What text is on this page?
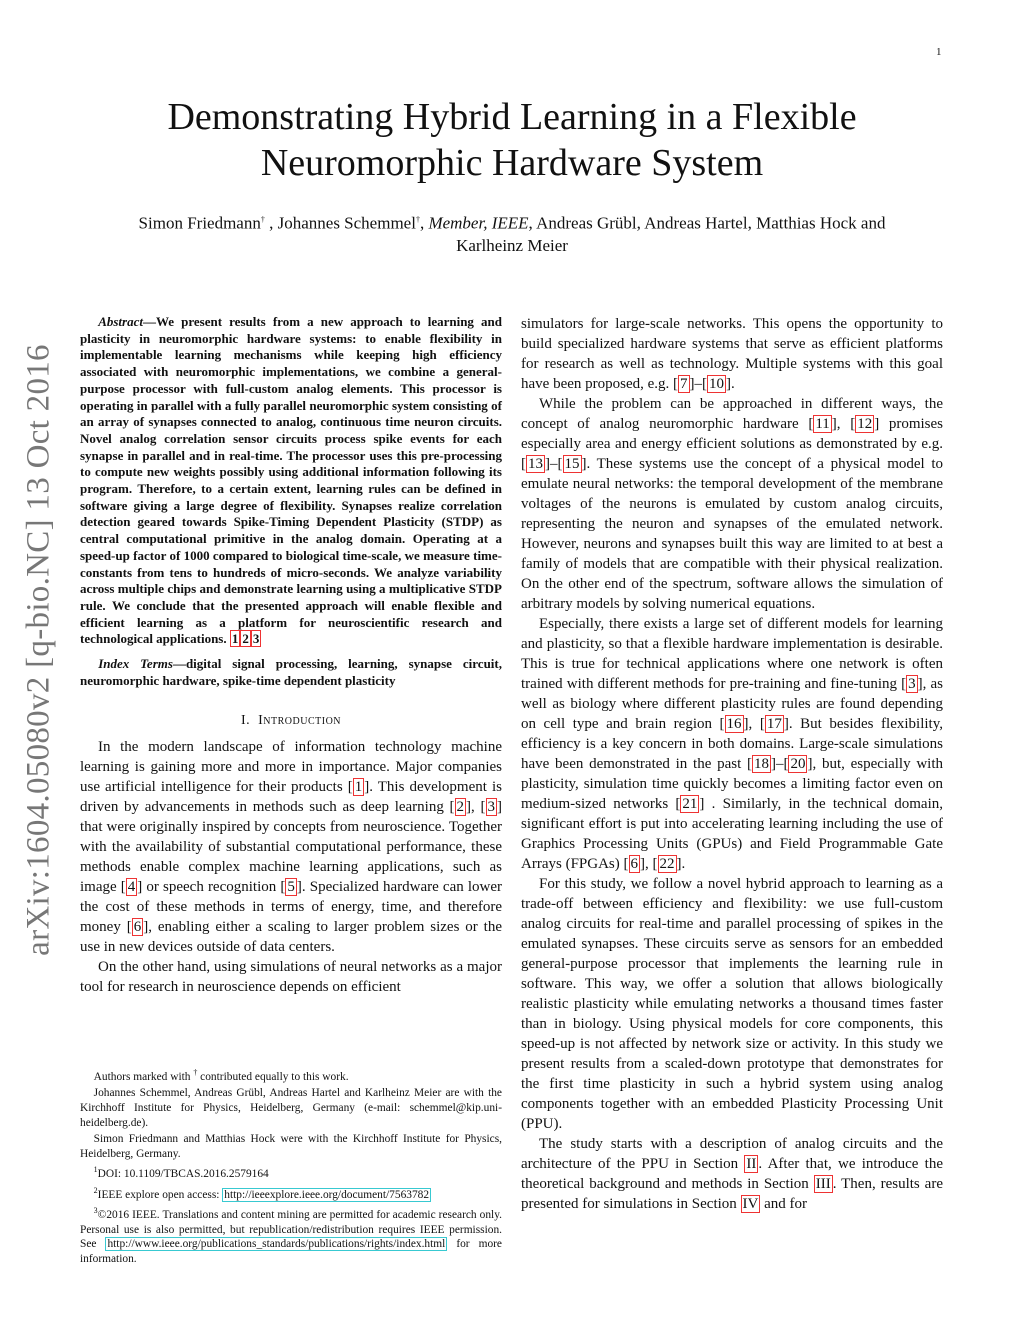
1
arXiv:1604.05080v2 [q-bio.NC] 13 Oct 2016
Demonstrating Hybrid Learning in a Flexible
Neuromorphic Hardware System
Simon Friedmann† , Johannes Schemmel†, Member, IEEE, Andreas Grübl, Andreas Hartel, Matthias Hock and
Karlheinz Meier

Abstract—We present results from a new approach to learning and plasticity in neuromorphic hardware systems: to enable flexibility in implementable learning mechanisms while keeping high efficiency associated with neuromorphic implementations, we combine a general-purpose processor with full-custom analog elements. This processor is operating in parallel with a fully parallel neuromorphic system consisting of an array of synapses connected to analog, continuous time neuron circuits. Novel analog correlation sensor circuits process spike events for each synapse in parallel and in real-time. The processor uses this pre-processing to compute new weights possibly using additional information following its program. Therefore, to a certain extent, learning rules can be defined in software giving a large degree of flexibility. Synapses realize correlation detection geared towards Spike-Timing Dependent Plasticity (STDP) as central computational primitive in the analog domain. Operating at a speed-up factor of 1000 compared to biological time-scale, we measure time-constants from tens to hundreds of micro-seconds. We analyze variability across multiple chips and demonstrate learning using a multiplicative STDP rule. We conclude that the presented approach will enable flexible and efficient learning as a platform for neuroscientific research and technological applications. 1 2 3

Index Terms—digital signal processing, learning, synapse circuit, neuromorphic hardware, spike-time dependent plasticity

I. Introduction

In the modern landscape of information technology machine learning is gaining more and more in importance. Major companies use artificial intelligence for their products [ 1 ]. This development is driven by advancements in methods such as deep learning [ 2 ], [ 3 ] that were originally inspired by concepts from neuroscience. Together with the availability of substantial computational performance, these methods enable complex machine learning applications, such as image [ 4 ] or speech recognition [ 5 ]. Specialized hardware can lower the cost of these methods in terms of energy, time, and therefore money [ 6 ], enabling either a scaling to larger problem sizes or the use in new devices outside of data centers.

On the other hand, using simulations of neural networks as a major tool for research in neuroscience depends on efficient

Authors marked with † contributed equally to this work.

Johannes Schemmel, Andreas Grübl, Andreas Hartel and Karlheinz Meier are with the Kirchhoff Institute for Physics, Heidelberg, Germany (e-mail: schemmel@kip.uni-heidelberg.de).

Simon Friedmann and Matthias Hock were with the Kirchhoff Institute for Physics, Heidelberg, Germany.

$^1$DOI: 10.1109/TBCAS.2016.2579164

$^2$IEEE explore open access: http://ieeexplore.ieee.org/document/7563782

$^3$©2016 IEEE. Translations and content mining are permitted for academic research only. Personal use is also permitted, but republication/redistribution requires IEEE permission. See http://www.ieee.org/publications_standards/publications/rights/index.html for more information.

simulators for large-scale networks. This opens the opportunity to build specialized hardware systems that serve as efficient platforms for research as well as technology. Multiple systems with this goal have been proposed, e.g. [ 7 ]–[ 10 ].

While the problem can be approached in different ways, the concept of analog neuromorphic hardware [ 11 ], [ 12 ] promises especially area and energy efficient solutions as demonstrated by e.g. [ 13 ]–[ 15 ]. These systems use the concept of a physical model to emulate neural networks: the temporal development of the membrane voltages of the neurons is emulated by custom analog circuits, representing the neuron and synapses of the emulated network. However, neurons and synapses built this way are limited to at best a family of models that are compatible with their physical realization. On the other end of the spectrum, software allows the simulation of arbitrary models by solving numerical equations.

Especially, there exists a large set of different models for learning and plasticity, so that a flexible hardware implementation is desirable. This is true for technical applications where one network is often trained with different methods for pre-training and fine-tuning [ 3 ], as well as biology where different plasticity rules are found depending on cell type and brain region [ 16 ], [ 17 ]. But besides flexibility, efficiency is a key concern in both domains. Large-scale simulations have been demonstrated in the past [ 18 ]–[ 20 ], but, especially with plasticity, simulation time quickly becomes a limiting factor even on medium-sized networks [ 21 ] . Similarly, in the technical domain, significant effort is put into accelerating learning including the use of Graphics Processing Units (GPUs) and Field Programmable Gate Arrays (FPGAs) [ 6 ], [ 22 ].

For this study, we follow a novel hybrid approach to learning as a trade-off between efficiency and flexibility: we use full-custom analog circuits for real-time and parallel processing of spikes in the emulated synapses. These circuits serve as sensors for an embedded general-purpose processor that implements the learning rule in software. This way, we offer a solution that allows biologically realistic plasticity while emulating networks a thousand times faster than in biology. Using physical models for core components, this speed-up is not affected by network size or activity. In this study we present results from a scaled-down prototype that demonstrates for the first time plasticity in such a hybrid system using analog components together with an embedded Plasticity Processing Unit (PPU).

The study starts with a description of analog circuits and the architecture of the PPU in Section II . After that, we introduce the theoretical background and methods in Section III . Then, results are presented for simulations in Section IV and for
